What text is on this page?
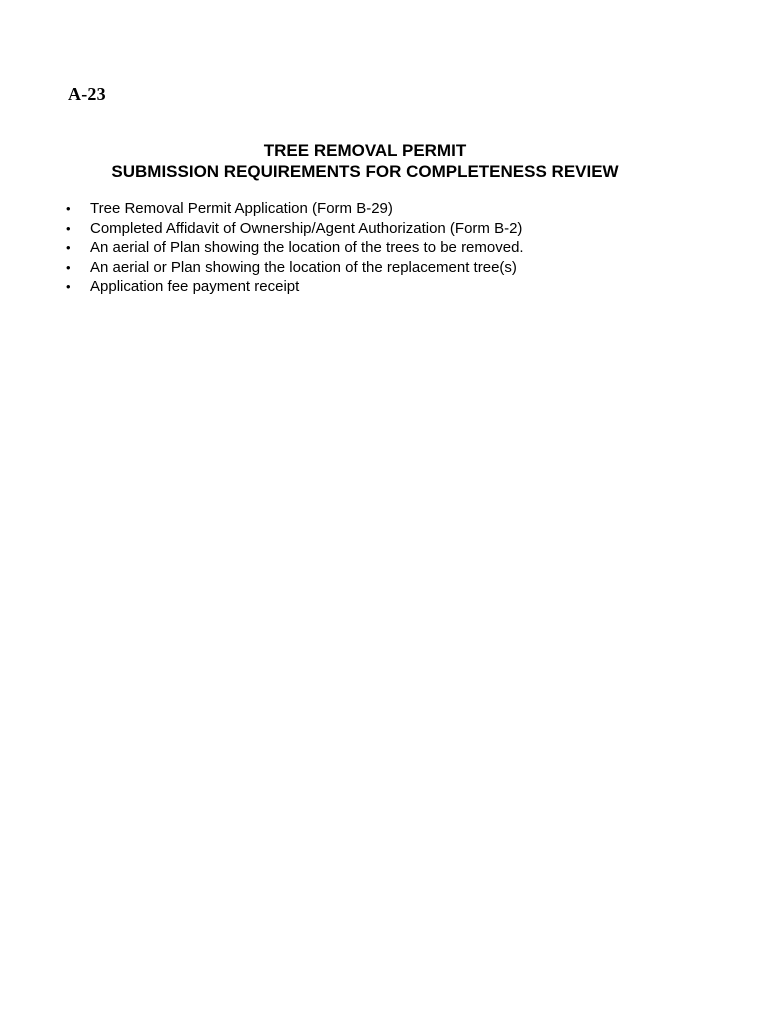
A-23
TREE REMOVAL PERMIT
SUBMISSION REQUIREMENTS FOR COMPLETENESS REVIEW
•	Tree Removal Permit Application (Form B-29)
•	Completed Affidavit of Ownership/Agent Authorization (Form B-2)
•	An aerial of Plan showing the location of the trees to be removed.
•	An aerial or Plan showing the location of the replacement tree(s)
•	Application fee payment receipt
